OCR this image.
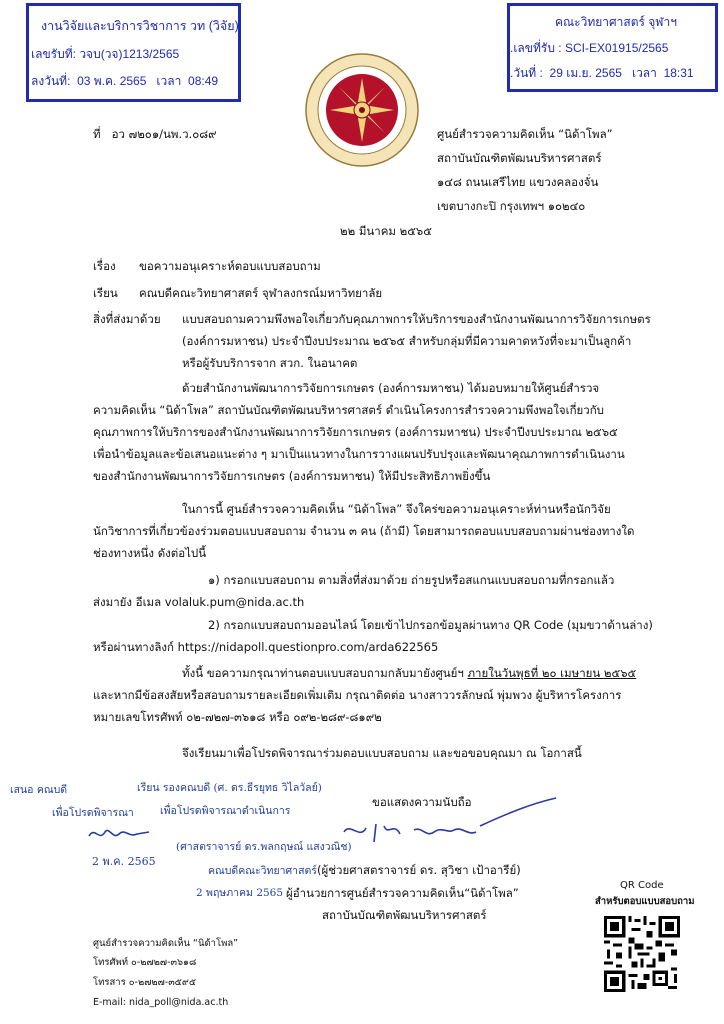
งานวิจัยและบริการวิชาการ วท (วิจัย)
เลขรับที่: วจบ(วจ)1213/2565
ลงวันที่: 03 พ.ค. 2565 เวลา 08:49
คณะวิทยาศาสตร์ จุฬาฯ
.เลขที่รับ : SCI-EX01915/2565
.วันที่ : 29 เม.ย. 2565 เวลา 18:31
ที่ อว ๗๒๐๑/นพ.ว.๐๘๙	ศูนย์สำรวจความคิดเห็น “นิด้าโพล”
สถาบันบัณฑิตพัฒนบริหารศาสตร์
๑๔๘ ถนนเสรีไทย แขวงคลองจั่น
เขตบางกะปิ กรุงเทพฯ ๑๐๒๔๐
๒๒ มีนาคม ๒๕๖๕
เรื่อง ขอความอนุเคราะห์ตอบแบบสอบถาม
เรียน คณบดีคณะวิทยาศาสตร์ จุฬาลงกรณ์มหาวิทยาลัย
สิ่งที่ส่งมาด้วย แบบสอบถามความพึงพอใจเกี่ยวกับคุณภาพการให้บริการของสำนักงานพัฒนาการวิจัยการเกษตร
(องค์การมหาชน) ประจำปีงบประมาณ ๒๕๖๕ สำหรับกลุ่มที่มีความคาดหวังที่จะมาเป็นลูกค้า
หรือผู้รับบริการจาก สวก. ในอนาคต
ด้วยสำนักงานพัฒนาการวิจัยการเกษตร (องค์การมหาชน) ได้มอบหมายให้ศูนย์สำรวจ
ความคิดเห็น “นิด้าโพล” สถาบันบัณฑิตพัฒนบริหารศาสตร์ ดำเนินโครงการสำรวจความพึงพอใจเกี่ยวกับ
คุณภาพการให้บริการของสำนักงานพัฒนาการวิจัยการเกษตร (องค์การมหาชน) ประจำปีงบประมาณ ๒๕๖๕
เพื่อนำข้อมูลและข้อเสนอแนะต่าง ๆ มาเป็นแนวทางในการวางแผนปรับปรุงและพัฒนาคุณภาพการดำเนินงาน
ของสำนักงานพัฒนาการวิจัยการเกษตร (องค์การมหาชน) ให้มีประสิทธิภาพยิ่งขึ้น
ในการนี้ ศูนย์สำรวจความคิดเห็น “นิด้าโพล” จึงใคร่ขอความอนุเคราะห์ท่านหรือนักวิจัย
นักวิชาการที่เกี่ยวข้องร่วมตอบแบบสอบถาม จำนวน ๓ คน (ถ้ามี) โดยสามารถตอบแบบสอบถามผ่านช่องทางใด
ช่องทางหนึ่ง ดังต่อไปนี้
๑) กรอกแบบสอบถาม ตามสิ่งที่ส่งมาด้วย ถ่ายรูปหรือสแกนแบบสอบถามที่กรอกแล้ว
ส่งมายัง อีเมล volaluk.pum@nida.ac.th
2) กรอกแบบสอบถามออนไลน์ โดยเข้าไปกรอกข้อมูลผ่านทาง QR Code (มุมขวาด้านล่าง)
หรือผ่านทางลิงก์ https://nidapoll.questionpro.com/arda622565
ทั้งนี้ ขอความกรุณาท่านตอบแบบสอบถามกลับมายังศูนย์ฯ ภายในวันพุธที่ ๒๐ เมษายน ๒๕๖๕
และหากมีข้อสงสัยหรือสอบถามรายละเอียดเพิ่มเติม กรุณาติดต่อ นางสาววรลักษณ์ พุ่มพวง ผู้บริหารโครงการ
หมายเลขโทรศัพท์ ๐๒-๗๒๗-๓๖๑๘ หรือ ๐๙๒-๒๘๙-๘๑๙๒
จึงเรียนมาเพื่อโปรดพิจารณาร่วมตอบแบบสอบถาม และขอขอบคุณมา ณ โอกาสนี้
เสนอ คณบดี
เพื่อโปรดพิจารณา
เรียน รองคณบดี (ศ. ดร.ธีรยุทธ วิไลวัลย์)
เพื่อโปรดพิจารณาดำเนินการ
ขอแสดงความนับถือ
2 พ.ค. 2565
(ศาสตราจารย์ ดร.พลกฤษณ์ แสงวณิช)
คณบดีคณะวิทยาศาสตร์
2 พฤษภาคม 2565
(ผู้ช่วยศาสตราจารย์ ดร. สุวิชา เป้าอารีย์)
ผู้อำนวยการศูนย์สำรวจความคิดเห็น“นิด้าโพล”
สถาบันบัณฑิตพัฒนบริหารศาสตร์
QR Code
สำหรับตอบแบบสอบถาม
ศูนย์สำรวจความคิดเห็น “นิด้าโพล”
โทรศัพท์ ๐-๒๗๒๗-๓๖๑๘
โทรสาร ๐-๒๗๒๗-๓๕๙๕
E-mail: nida_poll@nida.ac.th
